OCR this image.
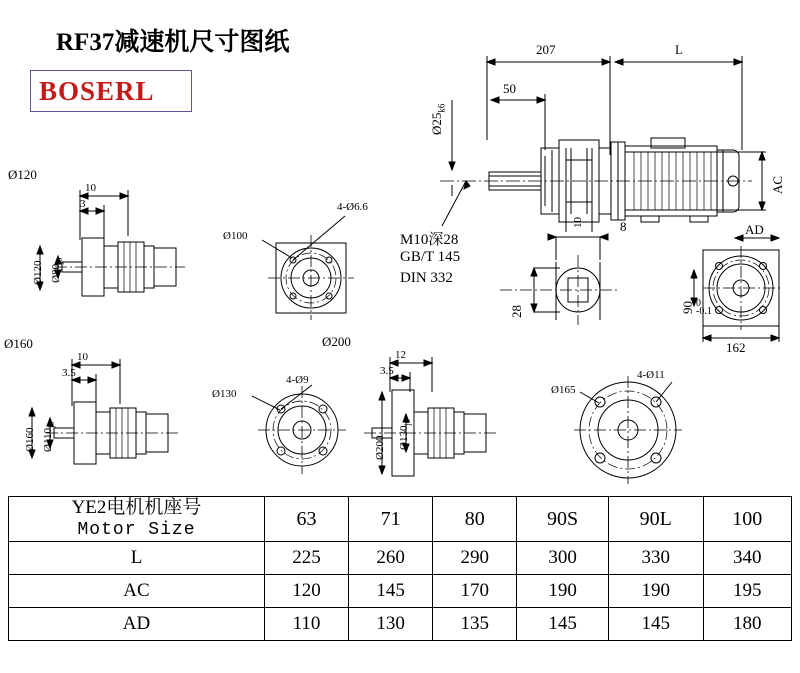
RF37减速机尺寸图纸
BOSERL
207	L
50
$Ø25_{k6}$
AC
10	8
28
AD
162
90 0
-0.1
M10深28
GB/T 145
DIN 332
Ø120
10
3
Ø120 $Ø80_{j6}$
4-Ø6.6
Ø100
Ø160
10
3.5
Ø160 $Ø110_{j6}$
4-Ø9
Ø130
Ø200
12
3.5
Ø200 $Ø130_{j6}$
4-Ø11
Ø165
YE2电机机座号
Motor Size	63	71	80	90S	90L	100
L	225	260	290	300	330	340
AC	120	145	170	190	190	195
AD	110	130	135	145	145	180
